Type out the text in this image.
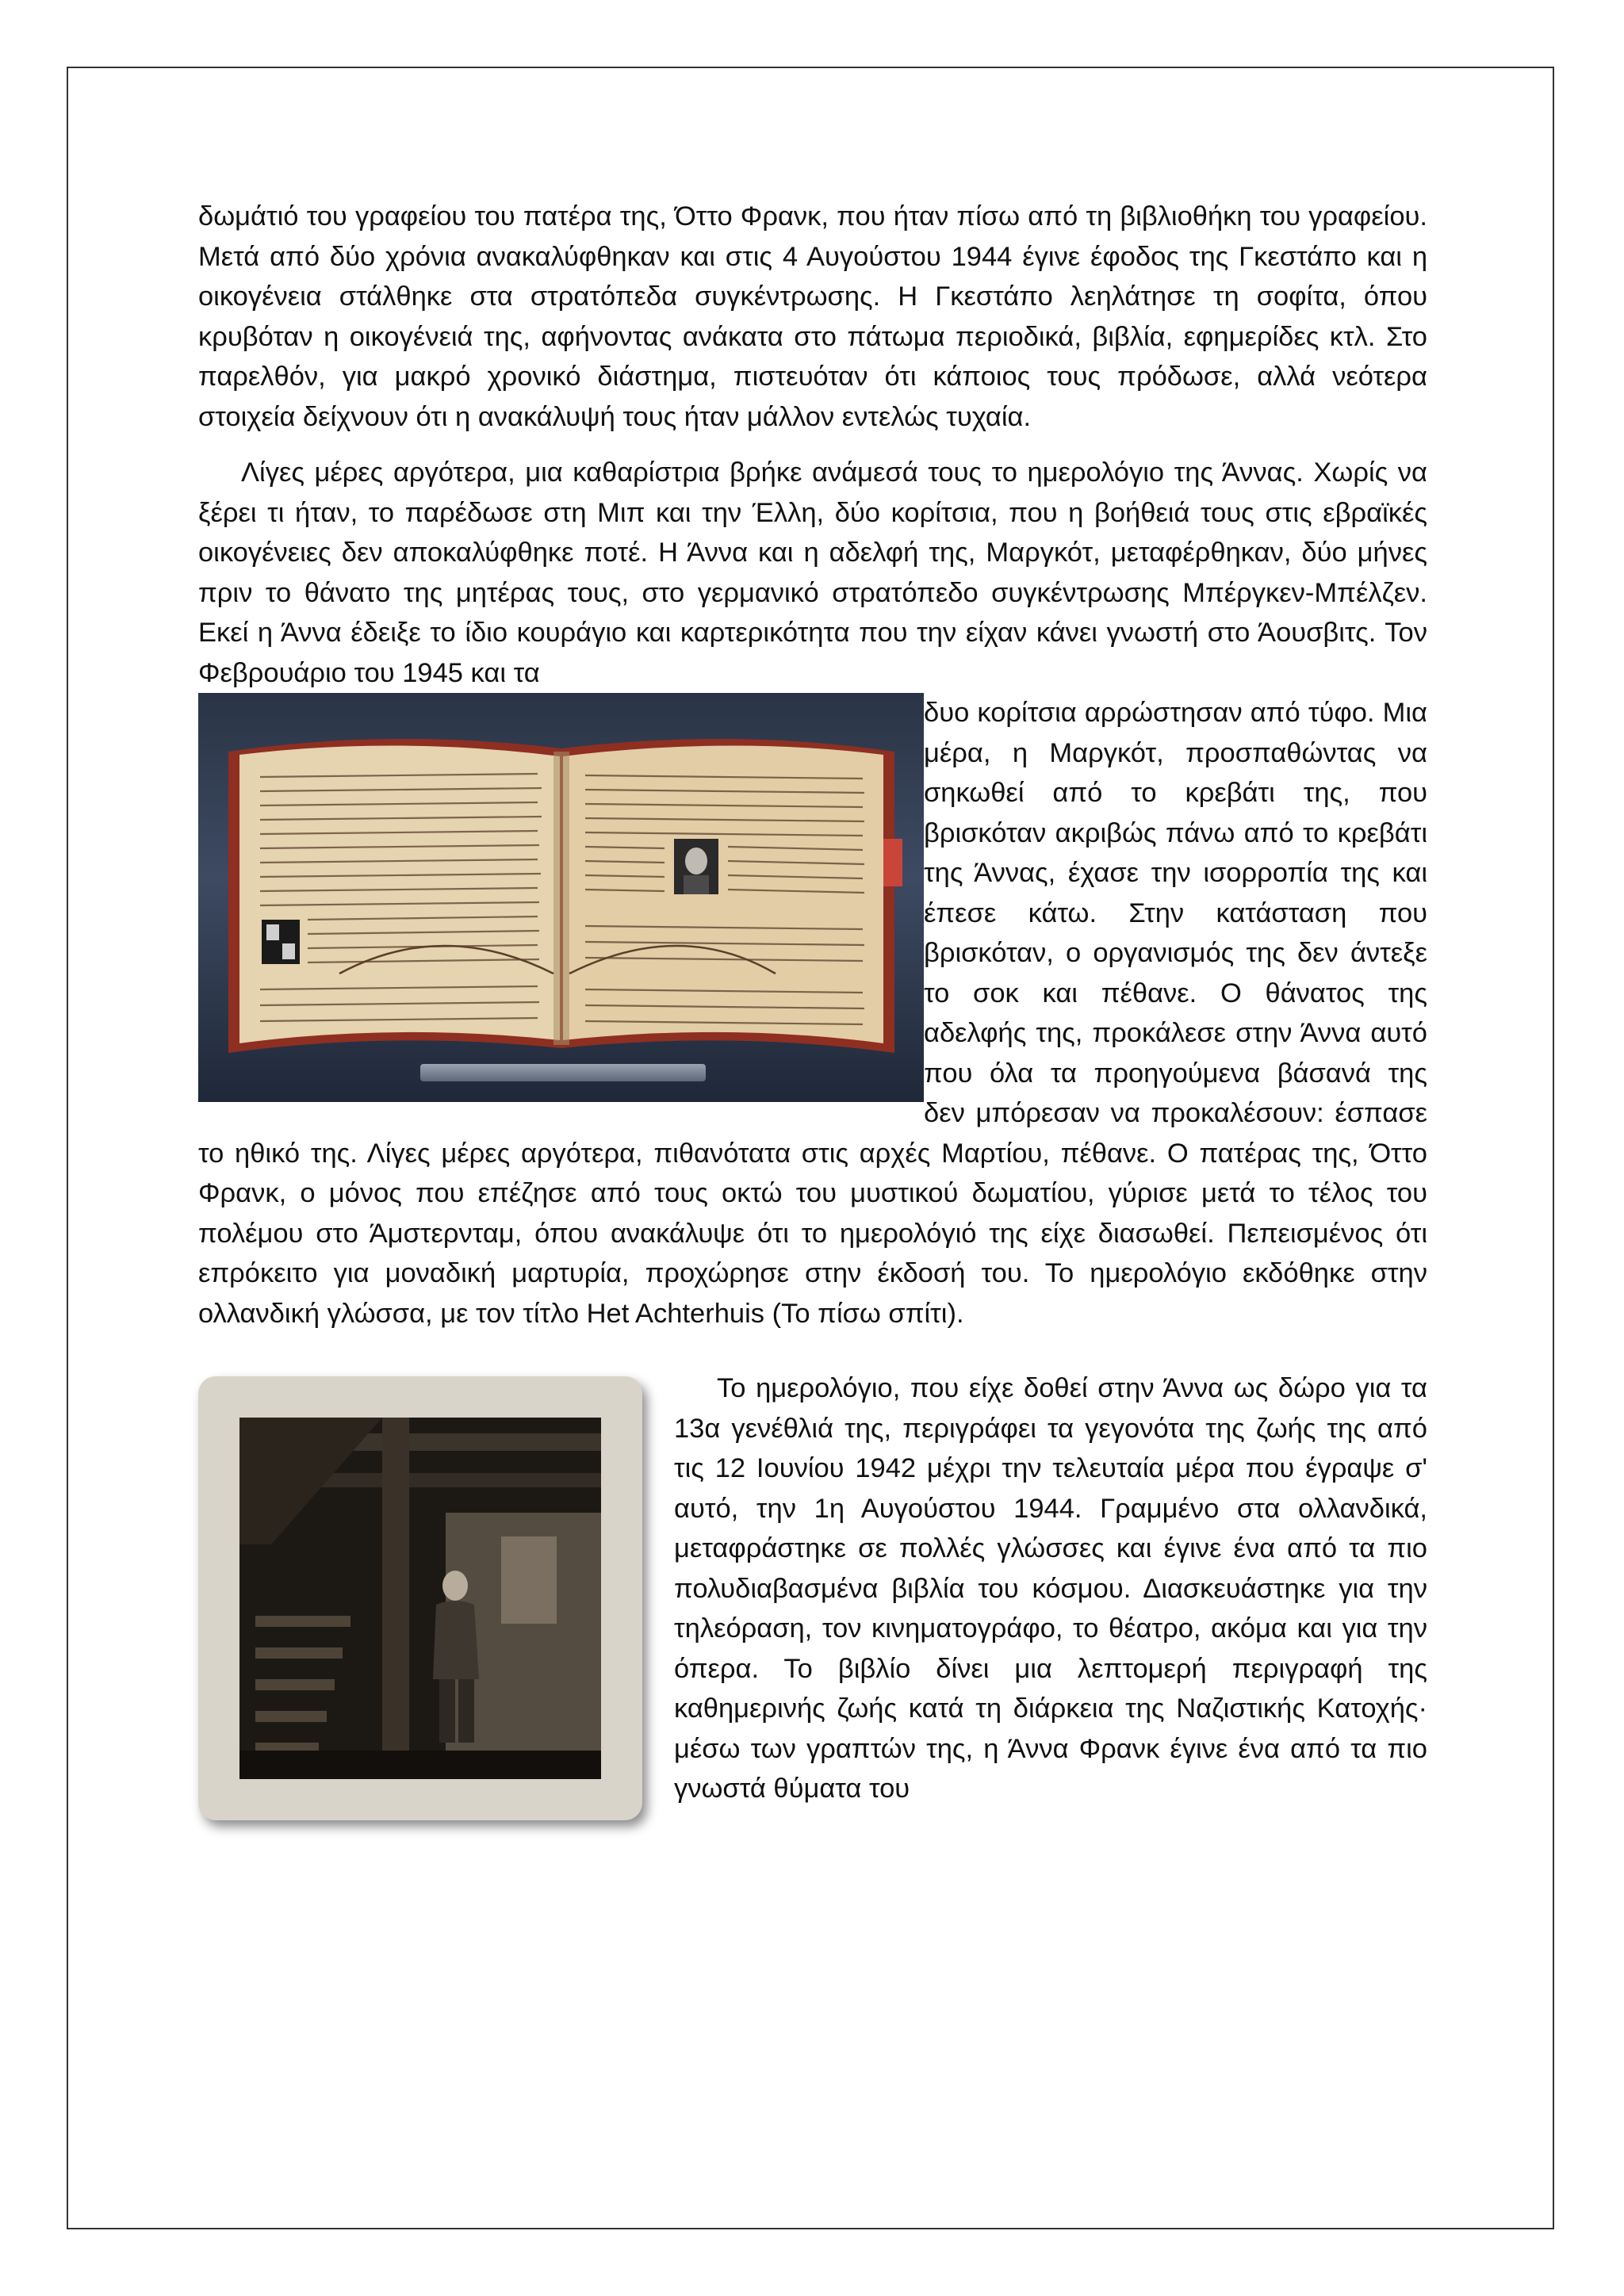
δωμάτιό του γραφείου του πατέρα της, Όττο Φρανκ, που ήταν πίσω από τη βιβλιοθήκη του γραφείου. Μετά από δύο χρόνια ανακαλύφθηκαν και στις 4 Αυγούστου 1944 έγινε έφοδος της Γκεστάπο και η οικογένεια στάλθηκε στα στρατόπεδα συγκέντρωσης. Η Γκεστάπο λεηλάτησε τη σοφίτα, όπου κρυβόταν η οικογένειά της, αφήνοντας ανάκατα στο πάτωμα περιοδικά, βιβλία, εφημερίδες κτλ. Στο παρελθόν, για μακρό χρονικό διάστημα, πιστευόταν ότι κάποιος τους πρόδωσε, αλλά νεότερα στοιχεία δείχνουν ότι η ανακάλυψή τους ήταν μάλλον εντελώς τυχαία.

Λίγες μέρες αργότερα, μια καθαρίστρια βρήκε ανάμεσά τους το ημερολόγιο της Άννας. Χωρίς να ξέρει τι ήταν, το παρέδωσε στη Μιπ και την Έλλη, δύο κορίτσια, που η βοήθειά τους στις εβραϊκές οικογένειες δεν αποκαλύφθηκε ποτέ. Η Άννα και η αδελφή της, Μαργκότ, μεταφέρθηκαν, δύο μήνες πριν το θάνατο της μητέρας τους, στο γερμανικό στρατόπεδο συγκέντρωσης Μπέργκεν-Μπέλζεν. Εκεί η Άννα έδειξε το ίδιο κουράγιο και καρτερικότητα που την είχαν κάνει γνωστή στο Άουσβιτς. Τον Φεβρουάριο του 1945 και τα

δυο κορίτσια αρρώστησαν από τύφο. Μια μέρα, η Μαργκότ, προσπαθώντας να σηκωθεί από το κρεβάτι της, που βρισκόταν ακριβώς πάνω από το κρεβάτι της Άννας, έχασε την ισορροπία της και έπεσε κάτω. Στην κατάσταση που βρισκόταν, ο οργανισμός της δεν άντεξε το σοκ και πέθανε. Ο θάνατος της αδελφής της, προκάλεσε στην Άννα αυτό που όλα τα προηγούμενα βάσανά της δεν μπόρεσαν να προκαλέσουν: έσπασε το ηθικό της. Λίγες μέρες αργότερα, πιθανότατα στις αρχές Μαρτίου, πέθανε. Ο πατέρας της, Όττο Φρανκ, ο μόνος που επέζησε από τους οκτώ του μυστικού δωματίου, γύρισε μετά το τέλος του πολέμου στο Άμστερνταμ, όπου ανακάλυψε ότι το ημερολόγιό της είχε διασωθεί. Πεπεισμένος ότι επρόκειτο για μοναδική μαρτυρία, προχώρησε στην έκδοσή του. Το ημερολόγιο εκδόθηκε στην ολλανδική γλώσσα, με τον τίτλο Het Achterhuis (Το πίσω σπίτι).

Το ημερολόγιο, που είχε δοθεί στην Άννα ως δώρο για τα 13α γενέθλιά της, περιγράφει τα γεγονότα της ζωής της από τις 12 Ιουνίου 1942 μέχρι την τελευταία μέρα που έγραψε σ' αυτό, την 1η Αυγούστου 1944. Γραμμένο στα ολλανδικά, μεταφράστηκε σε πολλές γλώσσες και έγινε ένα από τα πιο πολυδιαβασμένα βιβλία του κόσμου. Διασκευάστηκε για την τηλεόραση, τον κινηματογράφο, το θέατρο, ακόμα και για την όπερα. Το βιβλίο δίνει μια λεπτομερή περιγραφή της καθημερινής ζωής κατά τη διάρκεια της Ναζιστικής Κατοχής· μέσω των γραπτών της, η Άννα Φρανκ έγινε ένα από τα πιο γνωστά θύματα του
